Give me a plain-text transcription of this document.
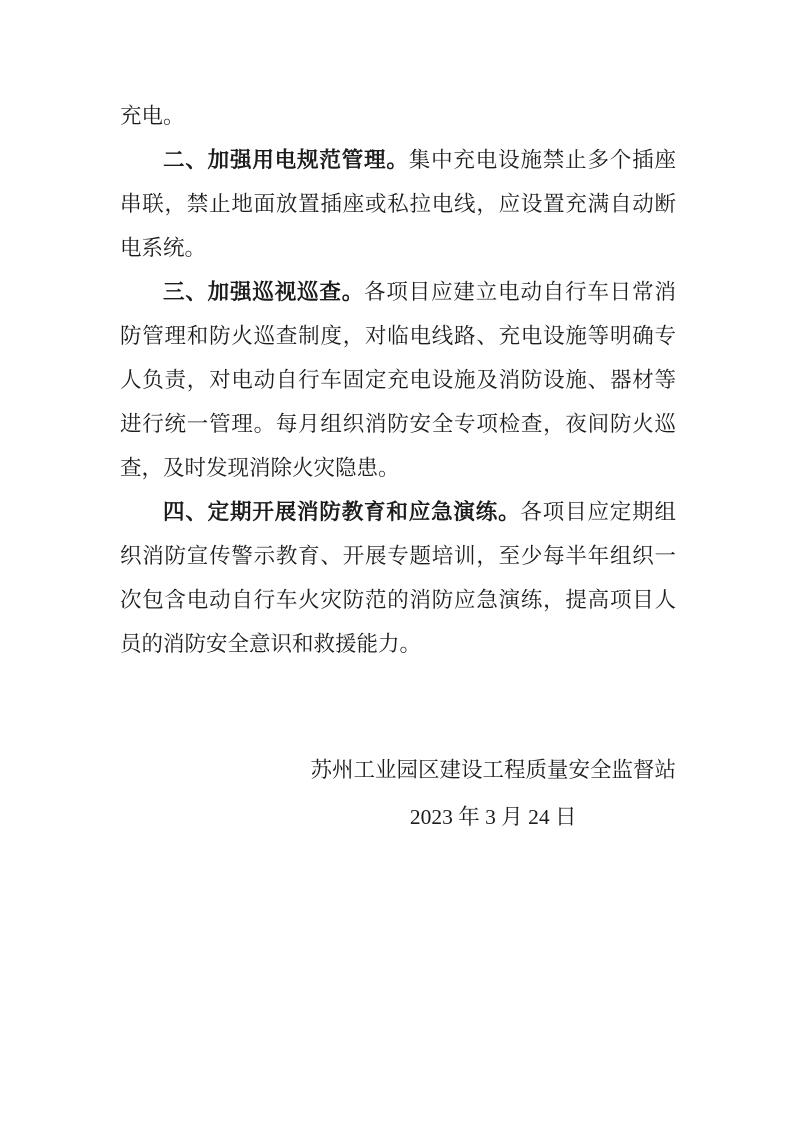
充电。

二、加强用电规范管理。集中充电设施禁止多个插座串联，禁止地面放置插座或私拉电线，应设置充满自动断电系统。

三、加强巡视巡查。各项目应建立电动自行车日常消防管理和防火巡查制度，对临电线路、充电设施等明确专人负责，对电动自行车固定充电设施及消防设施、器材等进行统一管理。每月组织消防安全专项检查，夜间防火巡查，及时发现消除火灾隐患。

四、定期开展消防教育和应急演练。各项目应定期组织消防宣传警示教育、开展专题培训，至少每半年组织一次包含电动自行车火灾防范的消防应急演练，提高项目人员的消防安全意识和救援能力。

苏州工业园区建设工程质量安全监督站
2023 年 3 月 24 日
